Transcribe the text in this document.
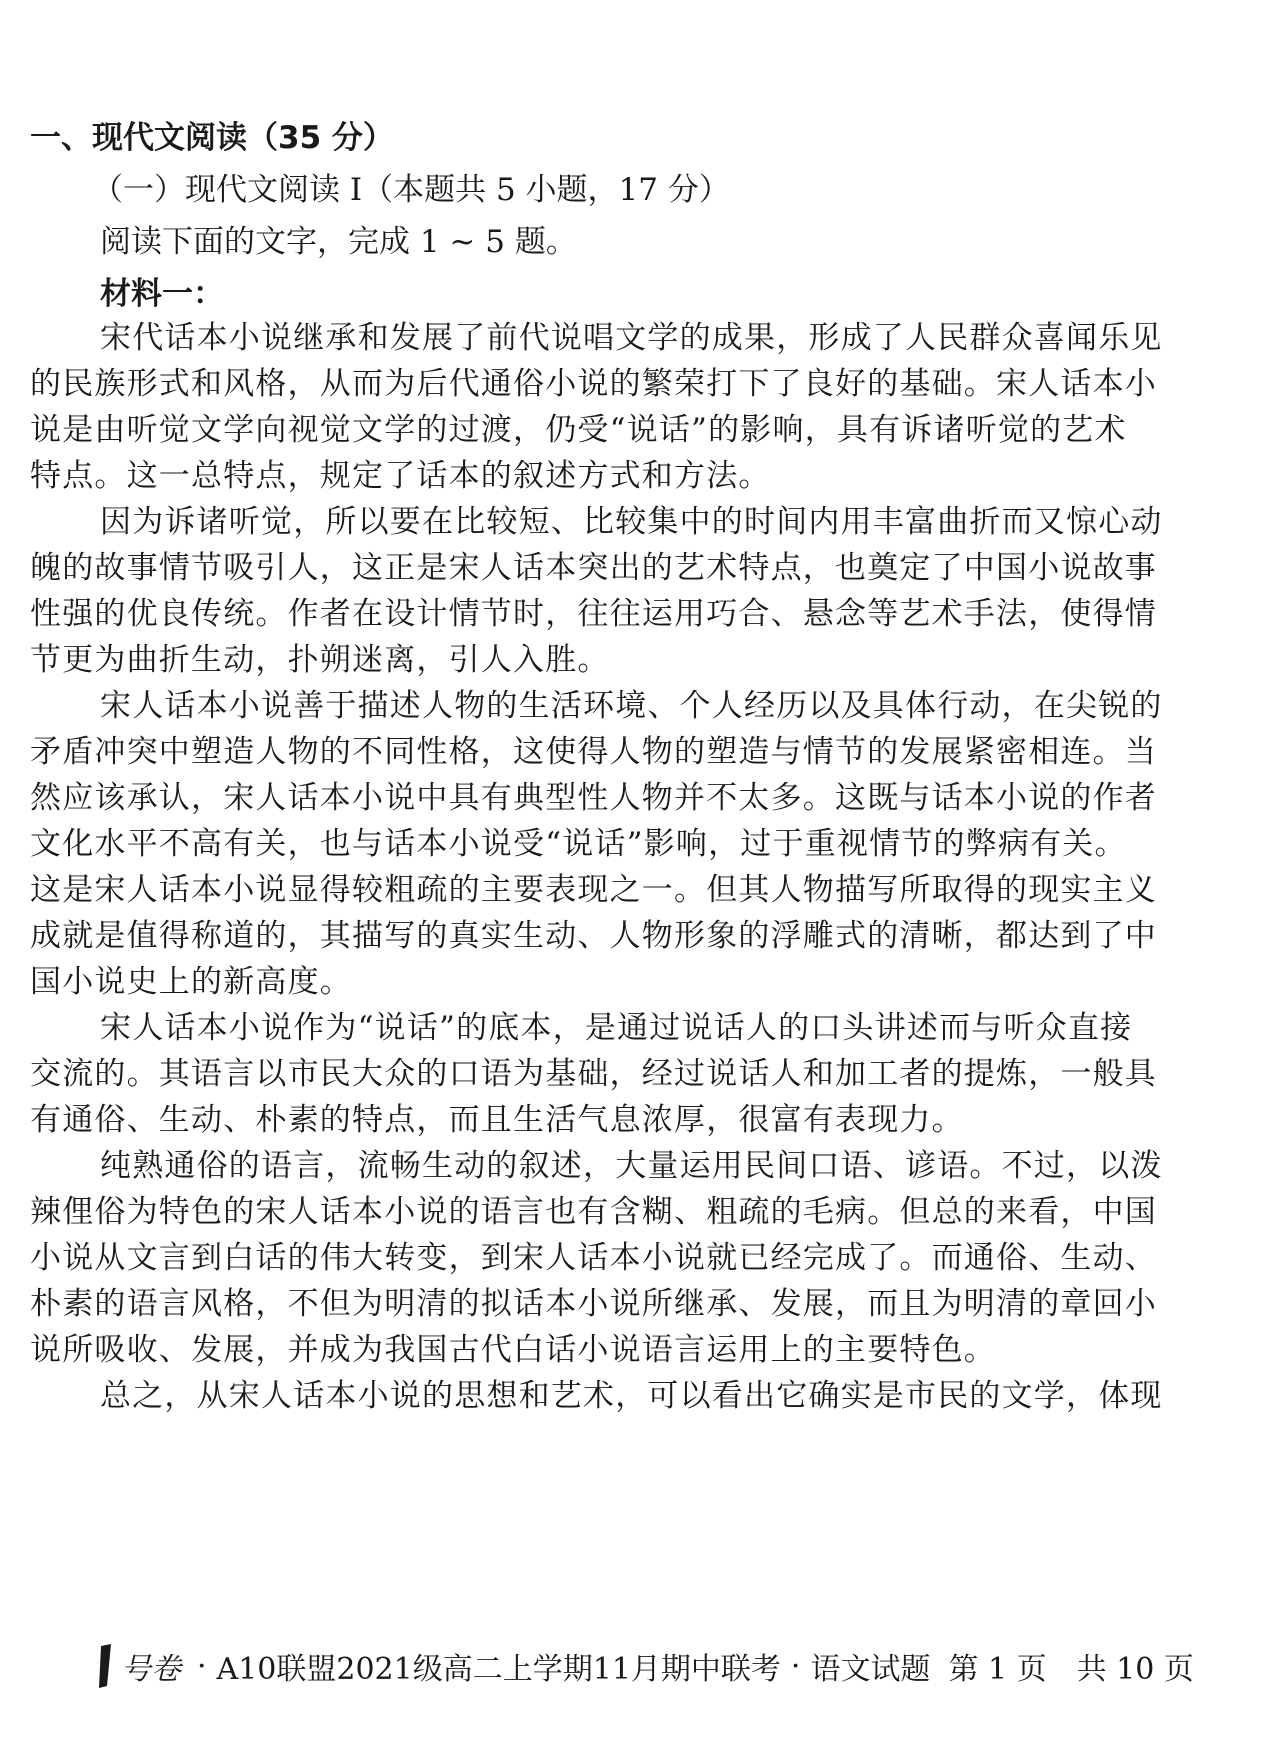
一、现代文阅读（35 分）
（一）现代文阅读 I（本题共 5 小题，17 分）
阅读下面的文字，完成 1 ~ 5 题。
材料一：
宋代话本小说继承和发展了前代说唱文学的成果，形成了人民群众喜闻乐见
的民族形式和风格，从而为后代通俗小说的繁荣打下了良好的基础。宋人话本小
说是由听觉文学向视觉文学的过渡，仍受“说话”的影响，具有诉诸听觉的艺术
特点。这一总特点，规定了话本的叙述方式和方法。
因为诉诸听觉，所以要在比较短、比较集中的时间内用丰富曲折而又惊心动
魄的故事情节吸引人，这正是宋人话本突出的艺术特点，也奠定了中国小说故事
性强的优良传统。作者在设计情节时，往往运用巧合、悬念等艺术手法，使得情
节更为曲折生动，扑朔迷离，引人入胜。
宋人话本小说善于描述人物的生活环境、个人经历以及具体行动，在尖锐的
矛盾冲突中塑造人物的不同性格，这使得人物的塑造与情节的发展紧密相连。当
然应该承认，宋人话本小说中具有典型性人物并不太多。这既与话本小说的作者
文化水平不高有关，也与话本小说受“说话”影响，过于重视情节的弊病有关。
这是宋人话本小说显得较粗疏的主要表现之一。但其人物描写所取得的现实主义
成就是值得称道的，其描写的真实生动、人物形象的浮雕式的清晰，都达到了中
国小说史上的新高度。
宋人话本小说作为“说话”的底本，是通过说话人的口头讲述而与听众直接
交流的。其语言以市民大众的口语为基础，经过说话人和加工者的提炼，一般具
有通俗、生动、朴素的特点，而且生活气息浓厚，很富有表现力。
纯熟通俗的语言，流畅生动的叙述，大量运用民间口语、谚语。不过，以泼
辣俚俗为特色的宋人话本小说的语言也有含糊、粗疏的毛病。但总的来看，中国
小说从文言到白话的伟大转变，到宋人话本小说就已经完成了。而通俗、生动、
朴素的语言风格，不但为明清的拟话本小说所继承、发展，而且为明清的章回小
说所吸收、发展，并成为我国古代白话小说语言运用上的主要特色。
总之，从宋人话本小说的思想和艺术，可以看出它确实是市民的文学，体现
号卷 · A10联盟2021级高二上学期11月期中联考 · 语文试题 第 1 页　共 10 页
